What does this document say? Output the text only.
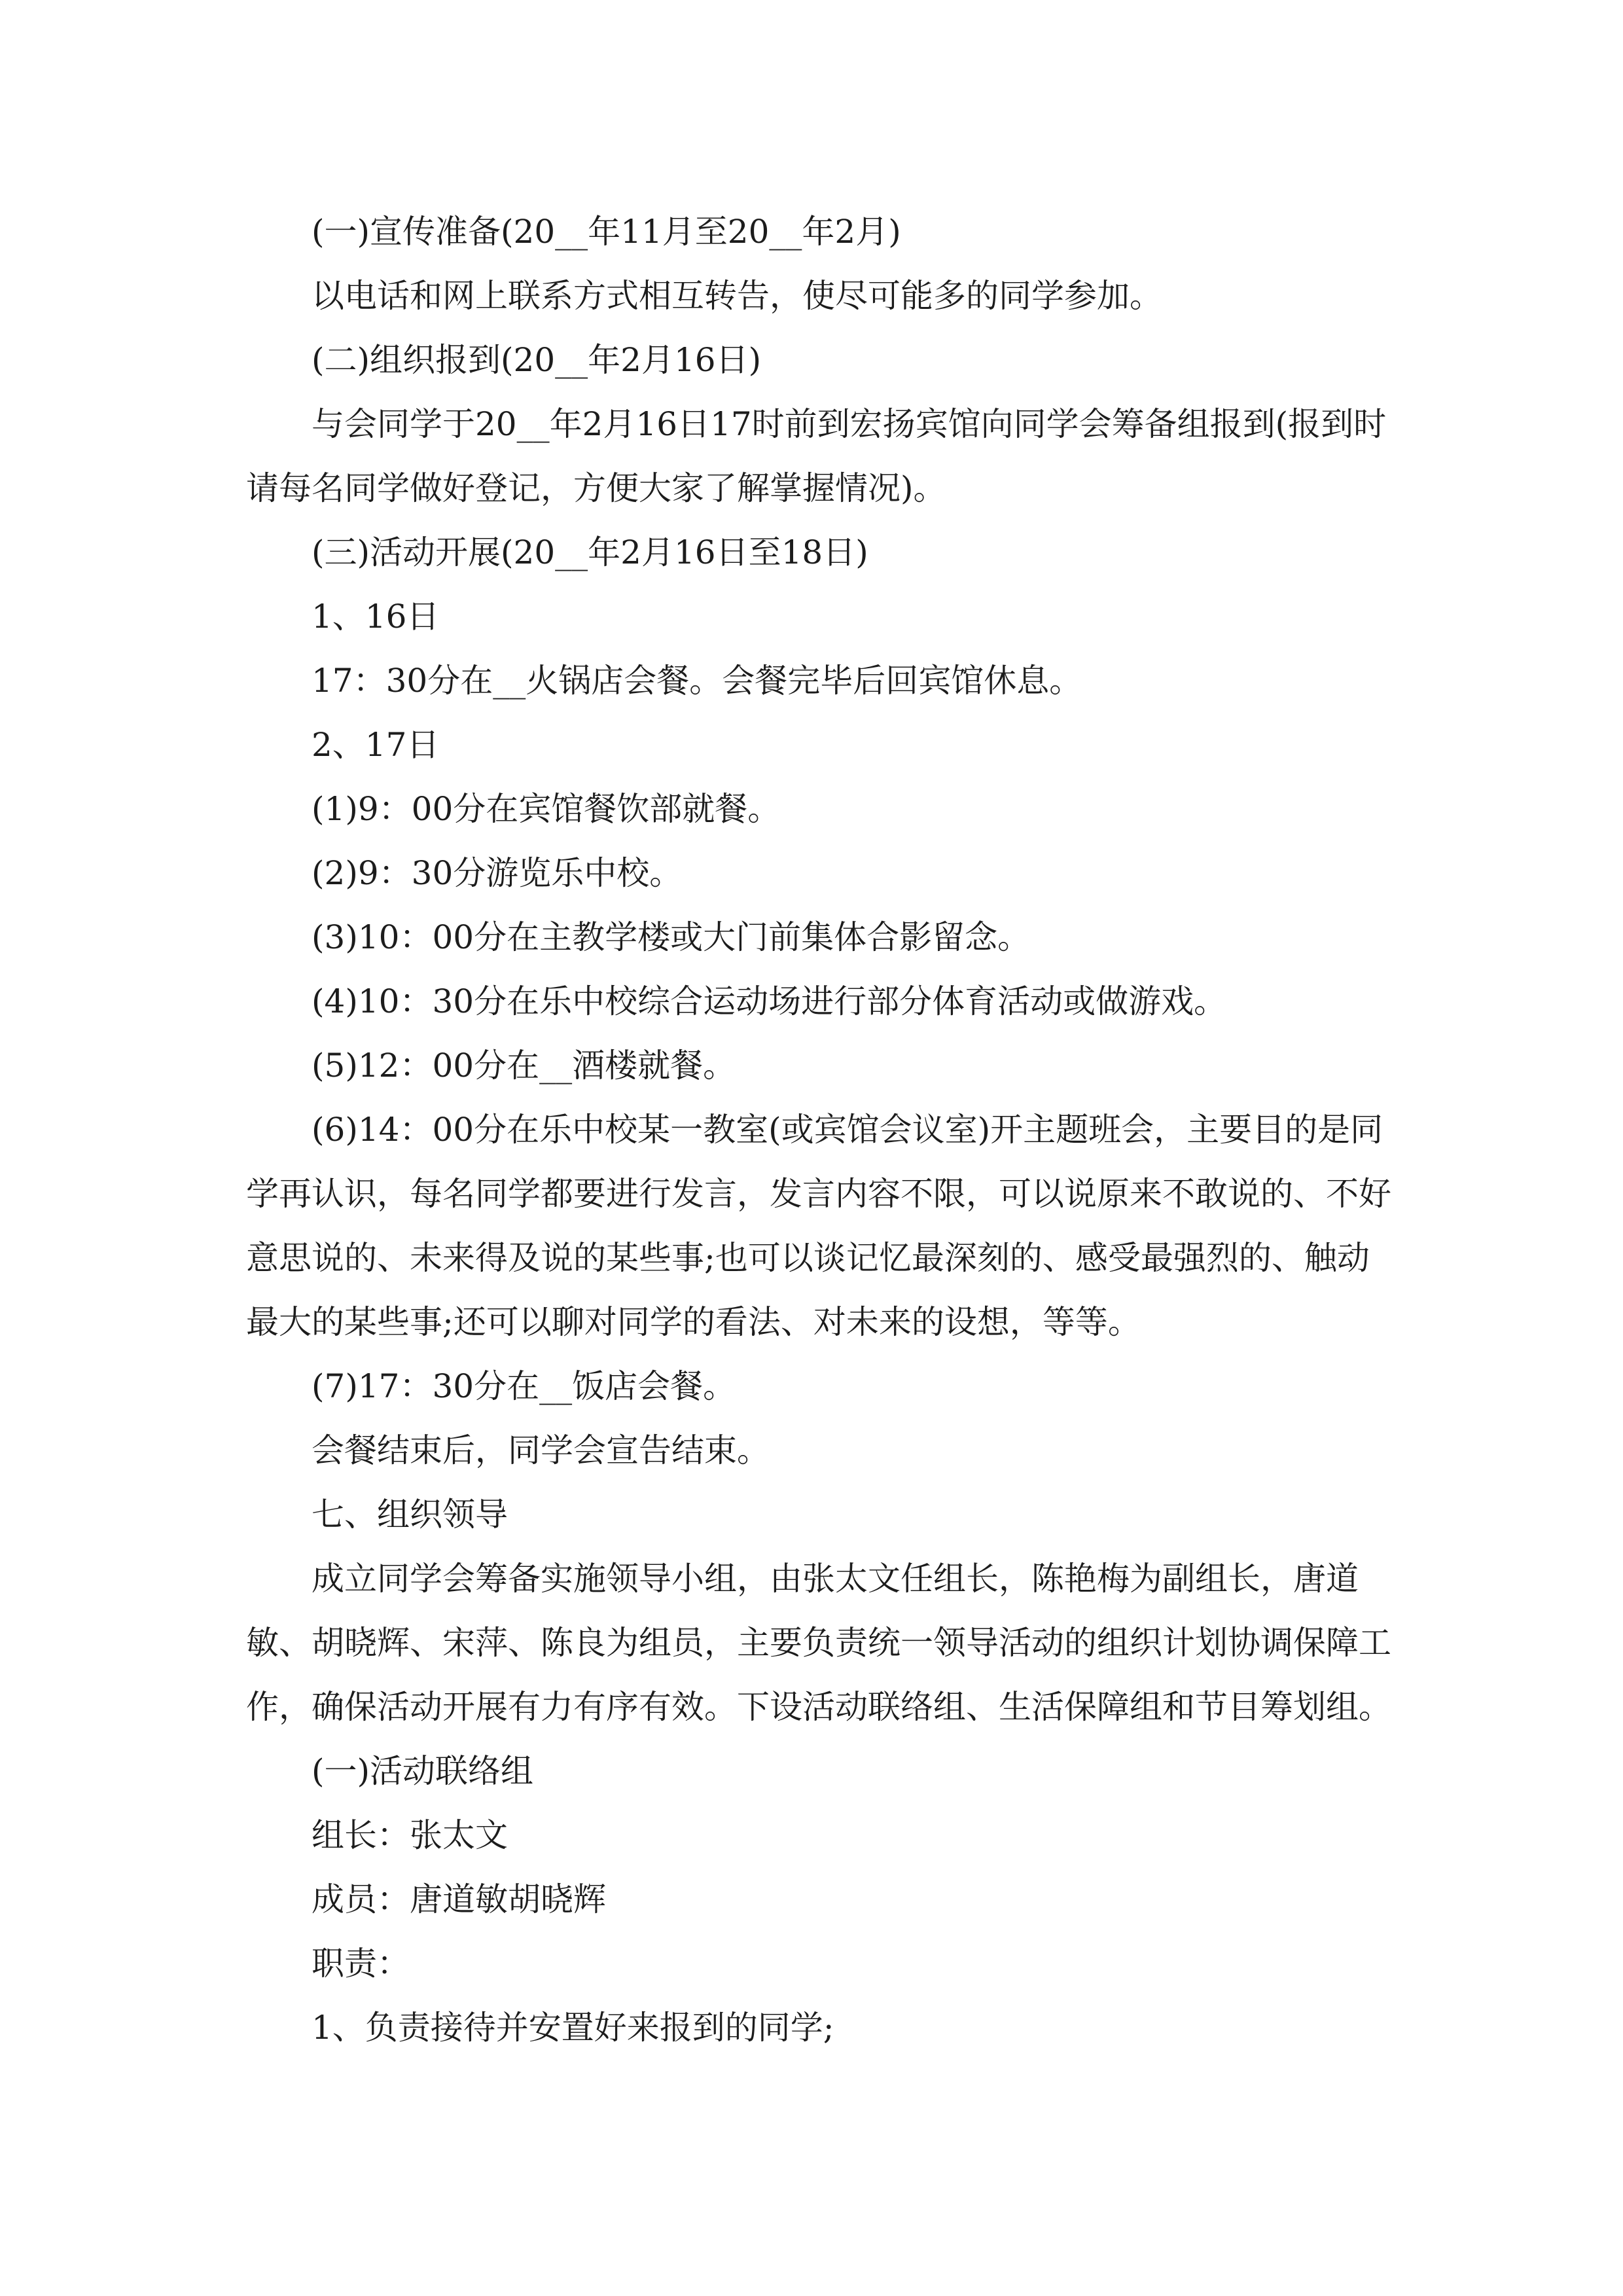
(一)宣传准备(20__年11月至20__年2月)

以电话和网上联系方式相互转告，使尽可能多的同学参加。

(二)组织报到(20__年2月16日)

与会同学于20__年2月16日17时前到宏扬宾馆向同学会筹备组报到(报到时请每名同学做好登记，方便大家了解掌握情况)。

(三)活动开展(20__年2月16日至18日)

1、16日

17：30分在__火锅店会餐。会餐完毕后回宾馆休息。

2、17日

(1)9：00分在宾馆餐饮部就餐。

(2)9：30分游览乐中校。

(3)10：00分在主教学楼或大门前集体合影留念。

(4)10：30分在乐中校综合运动场进行部分体育活动或做游戏。

(5)12：00分在__酒楼就餐。

(6)14：00分在乐中校某一教室(或宾馆会议室)开主题班会，主要目的是同学再认识，每名同学都要进行发言，发言内容不限，可以说原来不敢说的、不好意思说的、未来得及说的某些事;也可以谈记忆最深刻的、感受最强烈的、触动最大的某些事;还可以聊对同学的看法、对未来的设想，等等。

(7)17：30分在__饭店会餐。

会餐结束后，同学会宣告结束。

七、组织领导

成立同学会筹备实施领导小组，由张太文任组长，陈艳梅为副组长，唐道敏、胡晓辉、宋萍、陈良为组员，主要负责统一领导活动的组织计划协调保障工作，确保活动开展有力有序有效。下设活动联络组、生活保障组和节目筹划组。

(一)活动联络组

组长：张太文

成员：唐道敏胡晓辉

职责：

1、负责接待并安置好来报到的同学;
